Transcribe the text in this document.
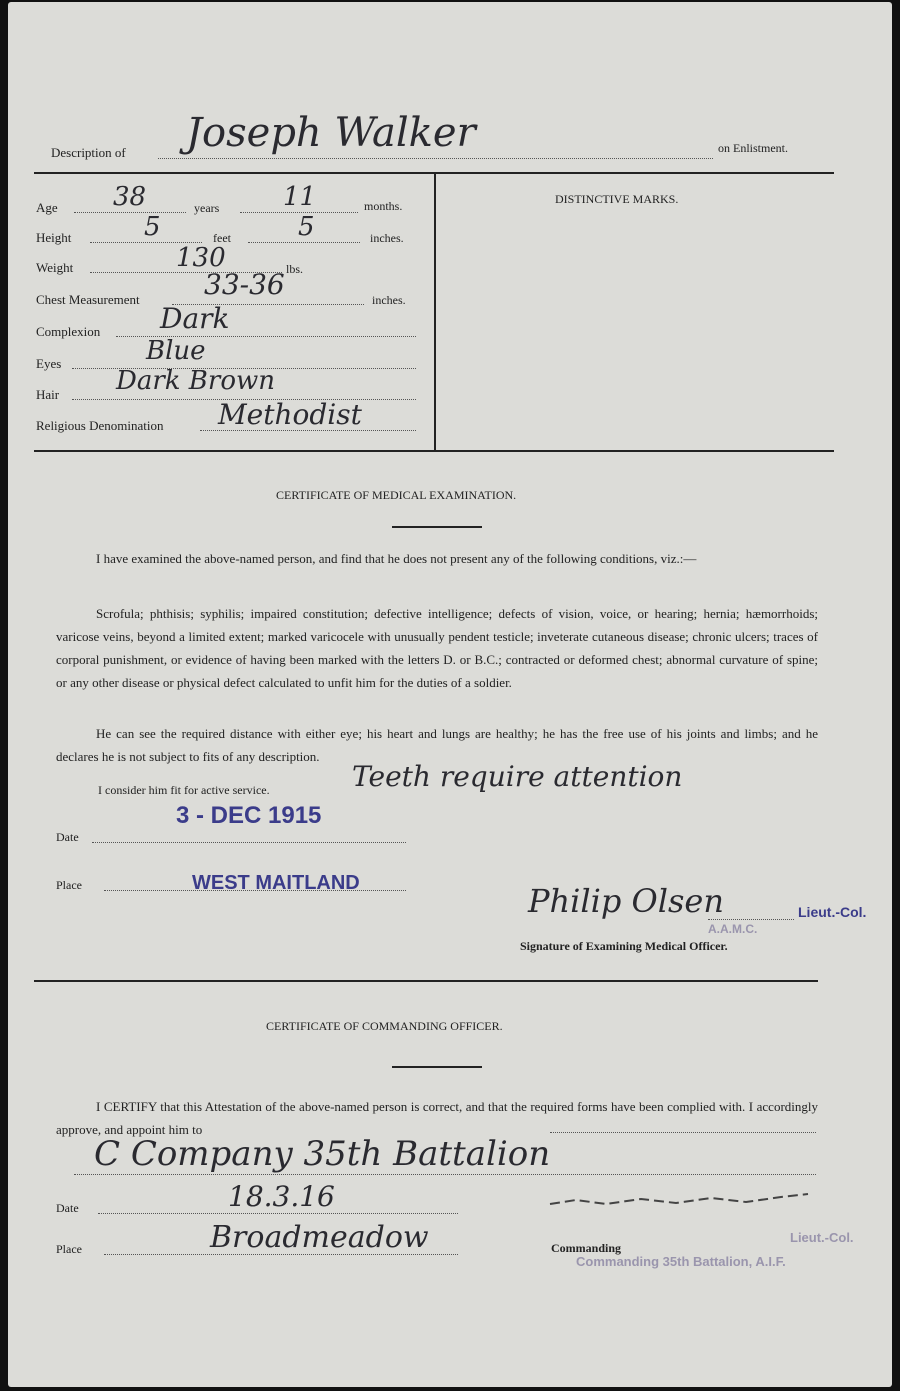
Description of Joseph Walker	on Enlistment.
Age 38	years 11	months.
Height	5	feet	5	inches.
Weight	130	lbs.
Chest Measurement 33-36	inches.
Complexion Dark
Eyes	Blue
Hair Dark Brown
Religious Denomination Methodist
DISTINCTIVE MARKS.
CERTIFICATE OF MEDICAL EXAMINATION.
I have examined the above-named person, and find that he does not present any of the following conditions, viz.:—
Scrofula; phthisis; syphilis; impaired constitution; defective intelligence; defects of vision, voice, or hearing; hernia; hæmorrhoids; varicose veins, beyond a limited extent; marked varicocele with unusually pendent testicle; inveterate cutaneous disease; chronic ulcers; traces of corporal punishment, or evidence of having been marked with the letters D. or B.C.; contracted or deformed chest; abnormal curvature of spine; or any other disease or physical defect calculated to unfit him for the duties of a soldier.
He can see the required distance with either eye; his heart and lungs are healthy; he has the free use of his joints and limbs; and he declares he is not subject to fits of any description.
I consider him fit for active service.	Teeth require attention
Date
3 - DEC 1915
Place	WEST MAITLAND	Philip Olsen	Lieut.-Col.
A.A.M.C.
Signature of Examining Medical Officer.
CERTIFICATE OF COMMANDING OFFICER.
I CERTIFY that this Attestation of the above-named person is correct, and that the required forms have been complied with. I accordingly approve, and appoint him to
C Company 35th Battalion
Date	18.3.16
Place	Broadmeadow	Commanding
Lieut.-Col.
Commanding 35th Battalion, A.I.F.
